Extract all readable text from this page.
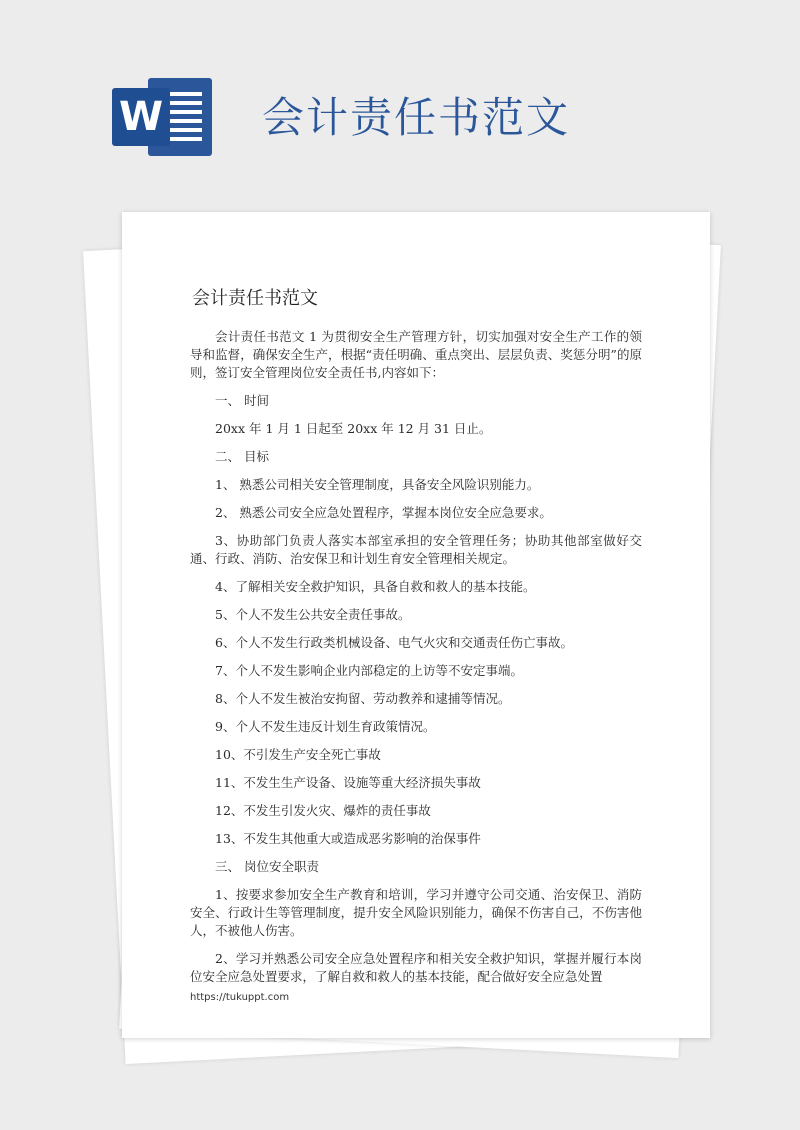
W 会计责任书范文
会计责任书范文

会计责任书范文 1 为贯彻安全生产管理方针，切实加强对安全生产工作的领导和监督，确保安全生产，根据“责任明确、重点突出、层层负责、奖惩分明”的原则，签订安全管理岗位安全责任书,内容如下：

一、 时间

20xx 年 1 月 1 日起至 20xx 年 12 月 31 日止。

二、 目标

1、 熟悉公司相关安全管理制度，具备安全风险识别能力。

2、 熟悉公司安全应急处置程序，掌握本岗位安全应急要求。

3、协助部门负责人落实本部室承担的安全管理任务；协助其他部室做好交通、行政、消防、治安保卫和计划生育安全管理相关规定。

4、了解相关安全救护知识，具备自救和救人的基本技能。

5、个人不发生公共安全责任事故。

6、个人不发生行政类机械设备、电气火灾和交通责任伤亡事故。

7、个人不发生影响企业内部稳定的上访等不安定事端。

8、个人不发生被治安拘留、劳动教养和逮捕等情况。

9、个人不发生违反计划生育政策情况。

10、不引发生产安全死亡事故

11、不发生生产设备、设施等重大经济损失事故

12、不发生引发火灾、爆炸的责任事故

13、不发生其他重大或造成恶劣影响的治保事件

三、 岗位安全职责

1、按要求参加安全生产教育和培训，学习并遵守公司交通、治安保卫、消防安全、行政计生等管理制度，提升安全风险识别能力，确保不伤害自己，不伤害他人，不被他人伤害。

2、学习并熟悉公司安全应急处置程序和相关安全救护知识，掌握并履行本岗位安全应急处置要求，了解自救和救人的基本技能，配合做好安全应急处置

https://tukuppt.com
